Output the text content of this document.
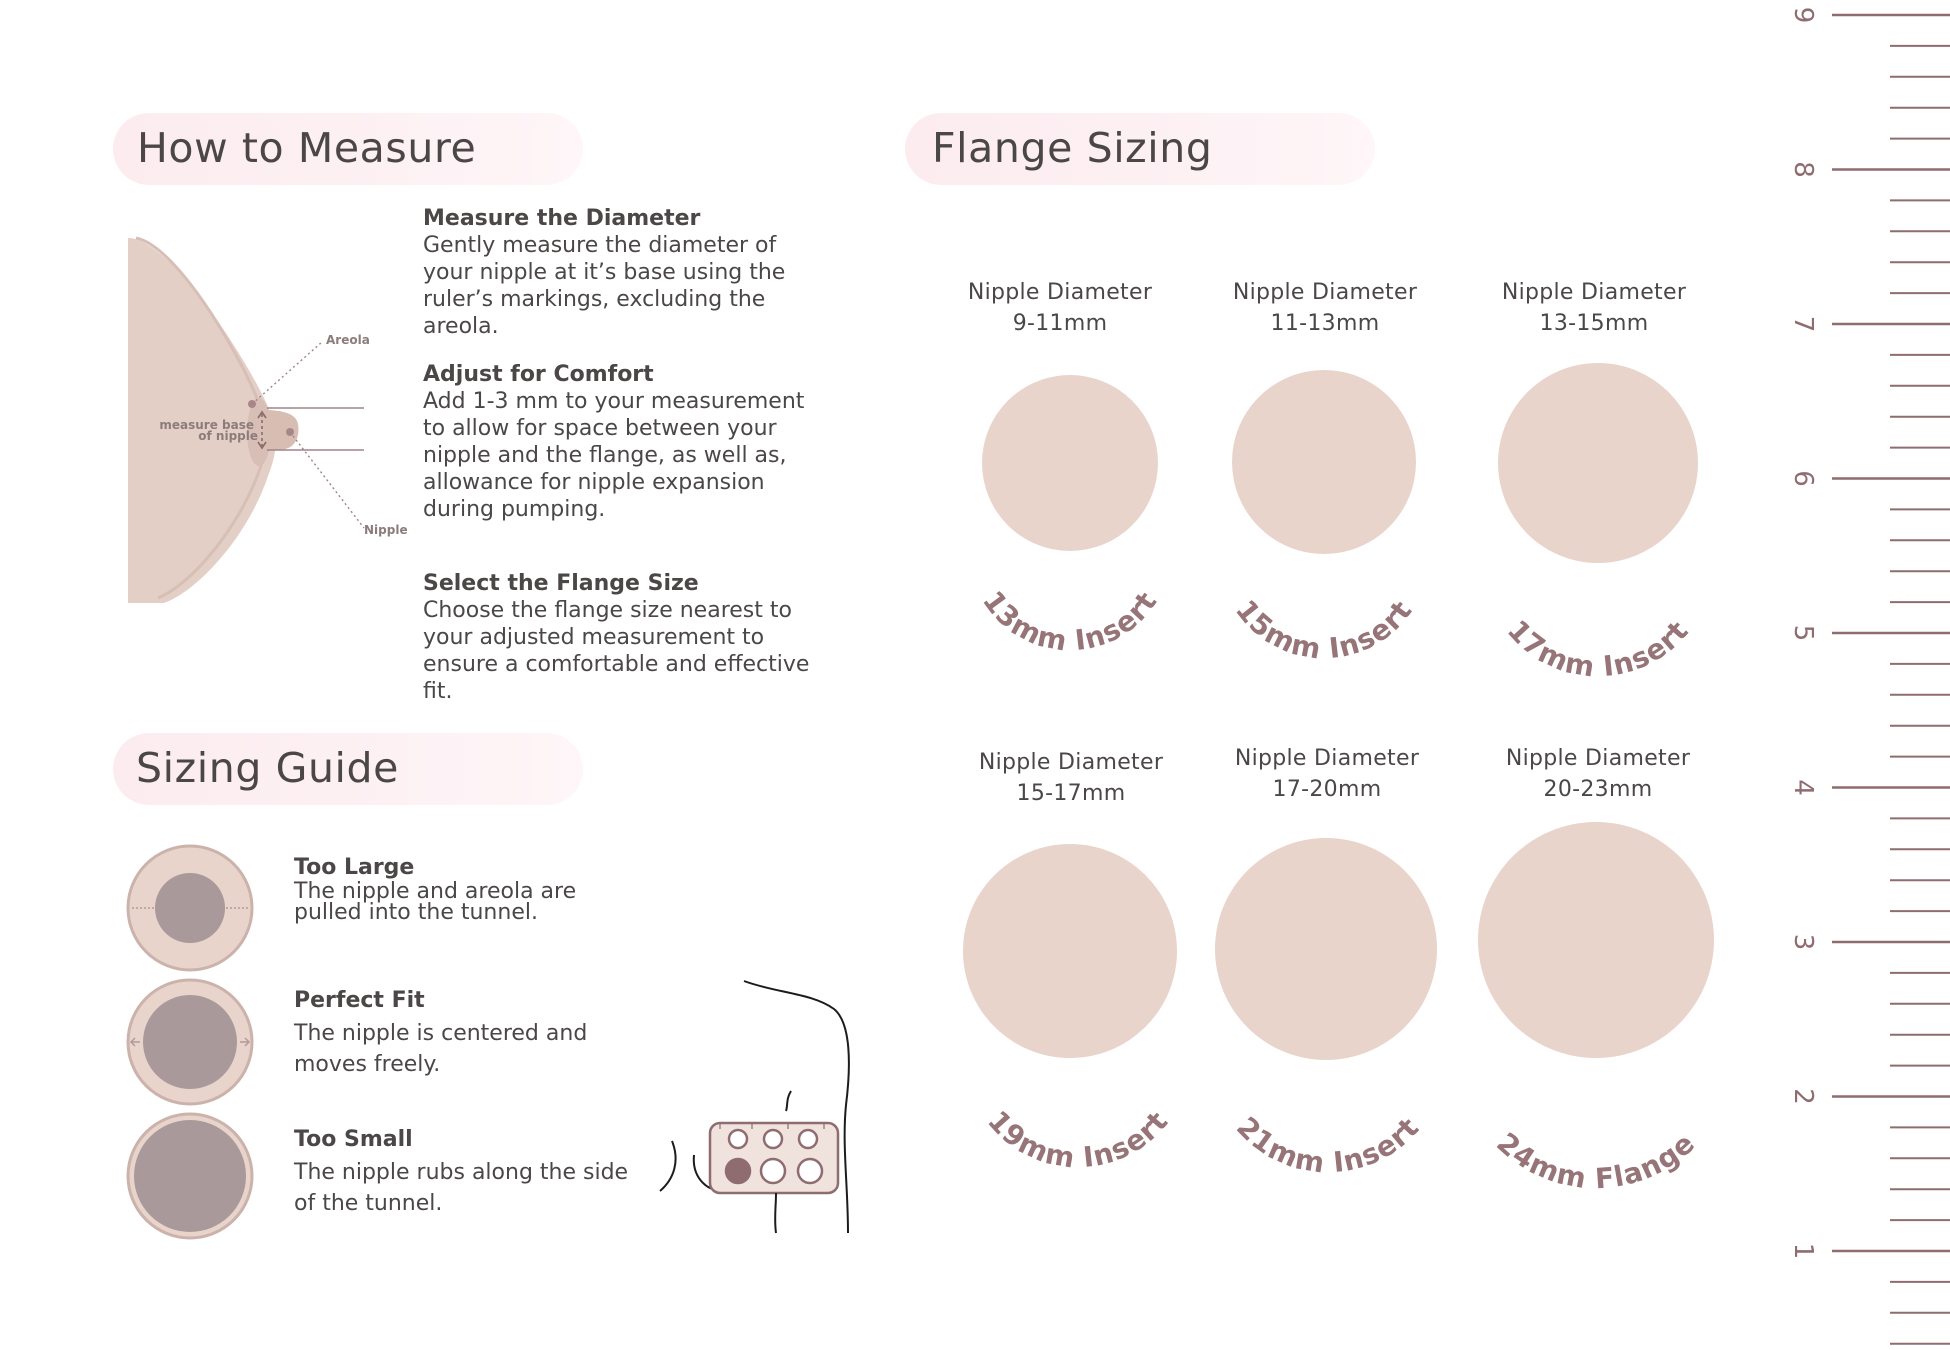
How to Measure
Areola
measure base
of nipple
Nipple
Measure the Diameter
Gently measure the diameter of your nipple at it’s base using the ruler’s markings, excluding the areola.
Adjust for Comfort
Add 1-3 mm to your measurement to allow for space between your nipple and the flange, as well as, allowance for nipple expansion during pumping.
Select the Flange Size
Choose the flange size nearest to your adjusted measurement to ensure a comfortable and effective fit.
Sizing Guide
Too Large
The nipple and areola are pulled into the tunnel.
Perfect Fit
The nipple is centered and moves freely.
Too Small
The nipple rubs along the side of the tunnel.
Flange Sizing
Nipple Diameter
9-11mm
Nipple Diameter
11-13mm
Nipple Diameter
13-15mm
Nipple Diameter
15-17mm
Nipple Diameter
17-20mm
Nipple Diameter
20-23mm
13mm Insert 15mm Insert
17mm Insert
19mm Insert 21mm Insert 24mm Flange
9
8
7
6
5
4
3
2
1
